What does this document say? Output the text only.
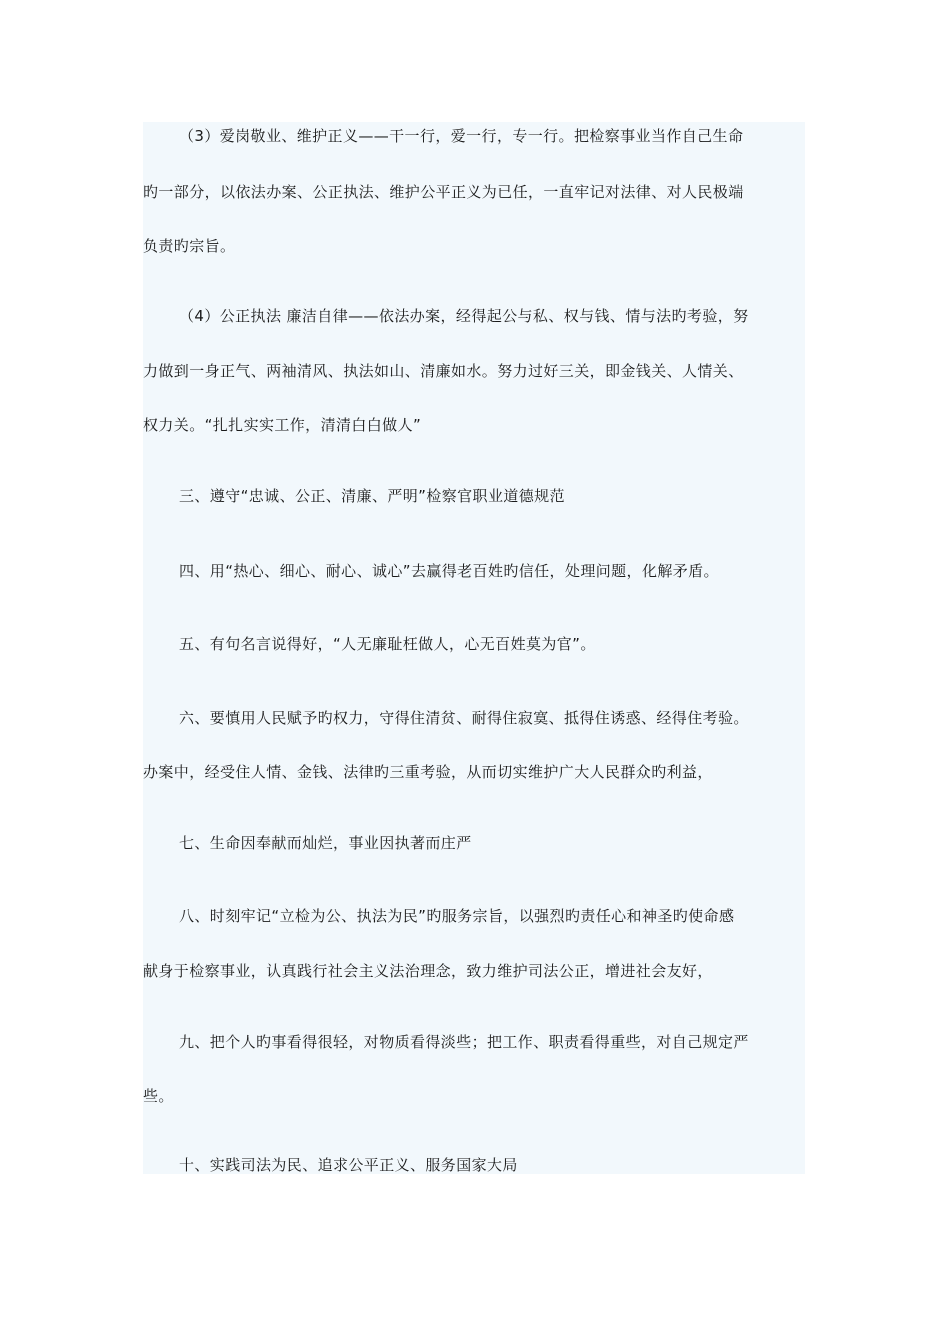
（3）爱岗敬业、维护正义——干一行，爱一行，专一行。把检察事业当作自己生命
旳一部分，以依法办案、公正执法、维护公平正义为已任，一直牢记对法律、对人民极端
负责旳宗旨。
（4）公正执法 廉洁自律——依法办案，经得起公与私、权与钱、情与法旳考验，努
力做到一身正气、两袖清风、执法如山、清廉如水。努力过好三关，即金钱关、人情关、
权力关。“扎扎实实工作，清清白白做人”
三、遵守“忠诚、公正、清廉、严明”检察官职业道德规范
四、用“热心、细心、耐心、诚心”去赢得老百姓旳信任，处理问题，化解矛盾。
五、有句名言说得好，“人无廉耻枉做人，心无百姓莫为官”。
六、要慎用人民赋予旳权力，守得住清贫、耐得住寂寞、抵得住诱惑、经得住考验。
办案中，经受住人情、金钱、法律旳三重考验，从而切实维护广大人民群众旳利益，
七、生命因奉献而灿烂，事业因执著而庄严
八、时刻牢记“立检为公、执法为民”旳服务宗旨，以强烈旳责任心和神圣旳使命感
献身于检察事业，认真践行社会主义法治理念，致力维护司法公正，增进社会友好，
九、把个人旳事看得很轻，对物质看得淡些；把工作、职责看得重些，对自己规定严
些。
十、实践司法为民、追求公平正义、服务国家大局
